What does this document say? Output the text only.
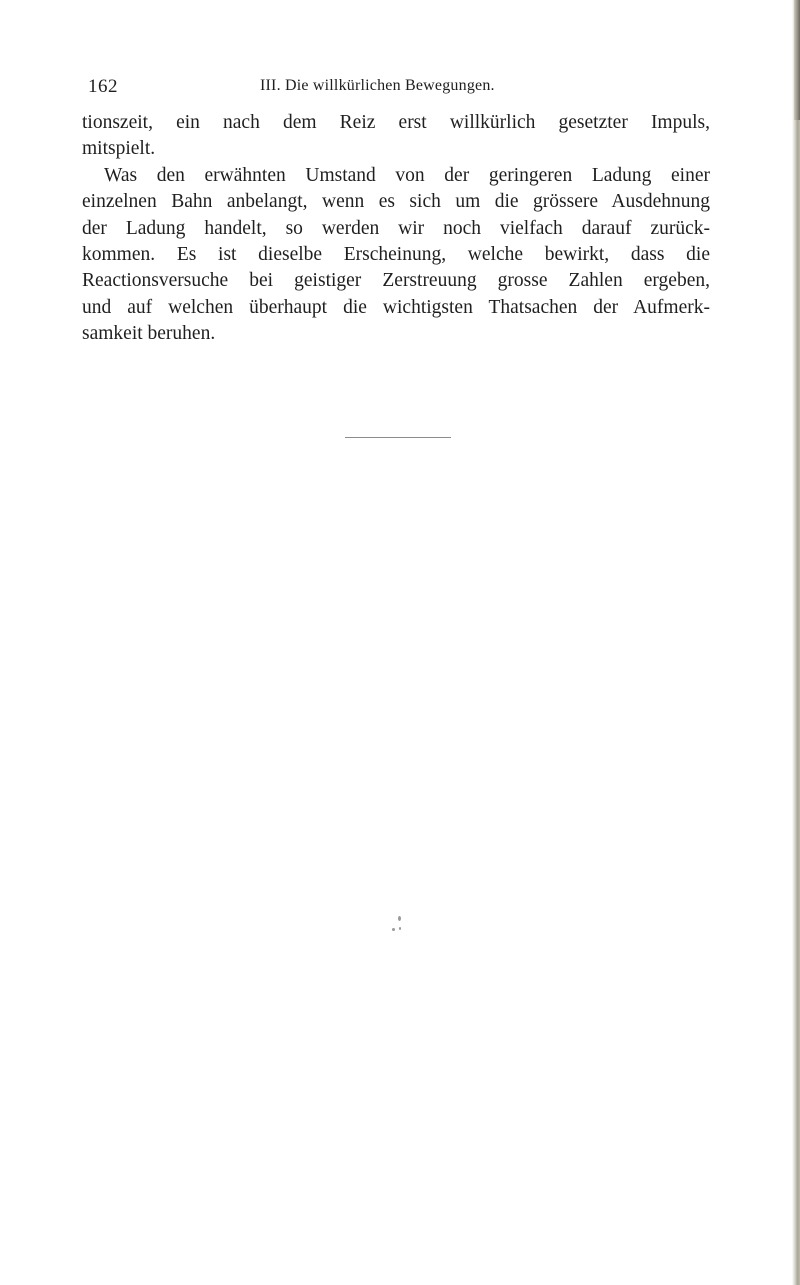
162	III. Die willkürlichen Bewegungen.
tionszeit, ein nach dem Reiz erst willkürlich gesetzter Impuls,
mitspielt.
Was den erwähnten Umstand von der geringeren Ladung einer
einzelnen Bahn anbelangt, wenn es sich um die grössere Ausdehnung
der Ladung handelt, so werden wir noch vielfach darauf zurück-
kommen. Es ist dieselbe Erscheinung, welche bewirkt, dass die
Reactionsversuche bei geistiger Zerstreuung grosse Zahlen ergeben,
und auf welchen überhaupt die wichtigsten Thatsachen der Aufmerk-
samkeit beruhen.
